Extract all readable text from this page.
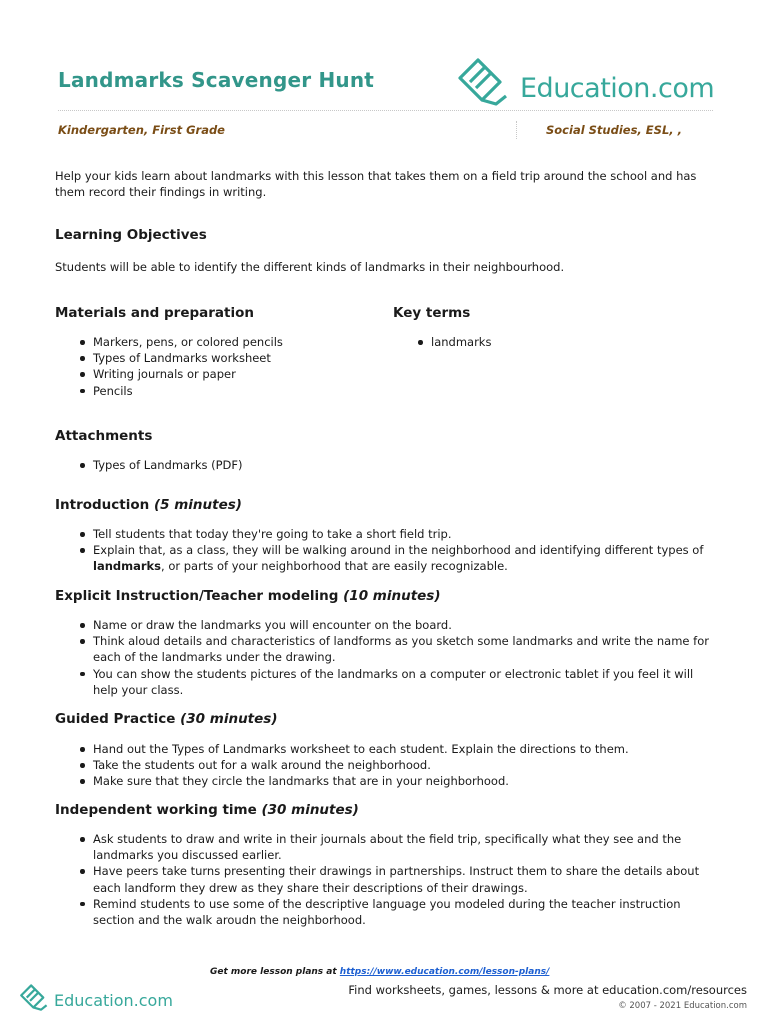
Landmarks Scavenger Hunt	Education.com
Kindergarten, First Grade	Social Studies, ESL, ,
Help your kids learn about landmarks with this lesson that takes them on a field trip around the school and has them record their findings in writing.
Learning Objectives
Students will be able to identify the different kinds of landmarks in their neighbourhood.
Materials and preparation
Markers, pens, or colored pencils
Types of Landmarks worksheet
Writing journals or paper
Pencils
Key terms
landmarks
Attachments
Types of Landmarks (PDF)
Introduction (5 minutes)
Tell students that today they're going to take a short field trip.
Explain that, as a class, they will be walking around in the neighborhood and identifying different types of landmarks, or parts of your neighborhood that are easily recognizable.
Explicit Instruction/Teacher modeling (10 minutes)
Name or draw the landmarks you will encounter on the board.
Think aloud details and characteristics of landforms as you sketch some landmarks and write the name for each of the landmarks under the drawing.
You can show the students pictures of the landmarks on a computer or electronic tablet if you feel it will help your class.
Guided Practice (30 minutes)
Hand out the Types of Landmarks worksheet to each student. Explain the directions to them.
Take the students out for a walk around the neighborhood.
Make sure that they circle the landmarks that are in your neighborhood.
Independent working time (30 minutes)
Ask students to draw and write in their journals about the field trip, specifically what they see and the landmarks you discussed earlier.
Have peers take turns presenting their drawings in partnerships. Instruct them to share the details about each landform they drew as they share their descriptions of their drawings.
Remind students to use some of the descriptive language you modeled during the teacher instruction section and the walk aroudn the neighborhood.
Get more lesson plans at https://www.education.com/lesson-plans/
Education.com
Find worksheets, games, lessons & more at education.com/resources
© 2007 - 2021 Education.com
